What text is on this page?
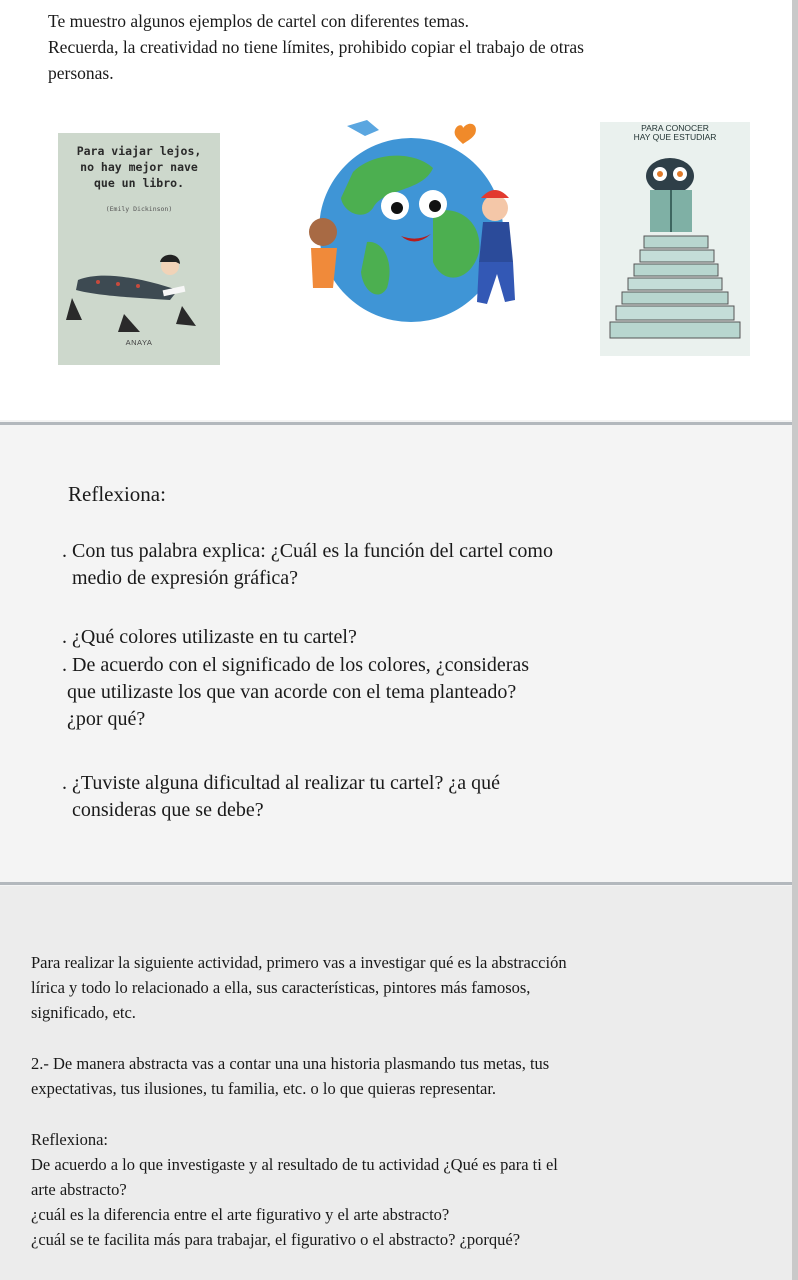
Te muestro algunos ejemplos de cartel con diferentes temas.

Recuerda, la creatividad no tiene límites, prohibido copiar el trabajo de otras

personas.

Para viajar lejos,
no hay mejor nave
que un libro.
(Emily Dickinson)
ANAYA
PARA CONOCER
HAY QUE ESTUDIAR
Reflexiona:

. Con tus palabra explica: ¿Cuál es la función del cartel como

medio de expresión gráfica?

. ¿Qué colores utilizaste en tu cartel?

. De acuerdo con el significado de los colores, ¿consideras

que utilizaste los que van acorde con el tema planteado?

¿por qué?

. ¿Tuviste alguna dificultad al realizar tu cartel? ¿a qué

consideras que se debe?

Para realizar la siguiente actividad, primero vas a investigar qué es la abstracción

lírica y todo lo relacionado a ella, sus características, pintores más famosos,

significado, etc.

2.- De manera abstracta vas a contar una una historia plasmando tus metas, tus

expectativas, tus ilusiones, tu familia, etc. o lo que quieras representar.

Reflexiona:

De acuerdo a lo que investigaste y al resultado de tu actividad ¿Qué es para ti el

arte abstracto?

¿cuál es la diferencia entre el arte figurativo y el arte abstracto?

¿cuál se te facilita más para trabajar, el figurativo o el abstracto? ¿porqué?
